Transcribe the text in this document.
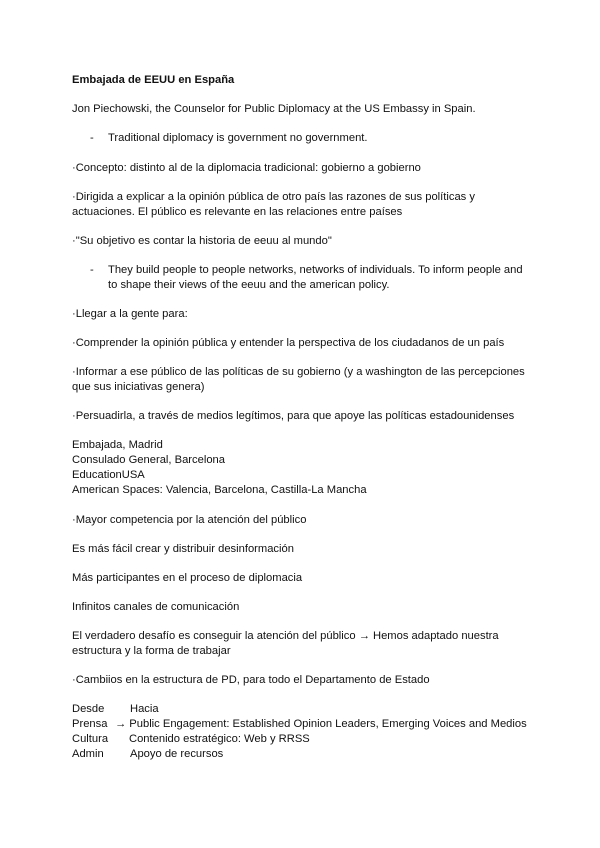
Embajada de EEUU en España

Jon Piechowski, the Counselor for Public Diplomacy at the US Embassy in Spain.

- Traditional diplomacy is government no government.

·Concepto: distinto al de la diplomacia tradicional: gobierno a gobierno

·Dirigida a explicar a la opinión pública de otro país las razones de sus políticas y

actuaciones. El público es relevante en las relaciones entre países

·"Su objetivo es contar la historia de eeuu al mundo"

- They build people to people networks, networks of individuals. To inform people and

to shape their views of the eeuu and the american policy.

·Llegar a la gente para:

·Comprender la opinión pública y entender la perspectiva de los ciudadanos de un país

·Informar a ese público de las políticas de su gobierno (y a washington de las percepciones

que sus iniciativas genera)

·Persuadirla, a través de medios legítimos, para que apoye las políticas estadounidenses

Embajada, Madrid

Consulado General, Barcelona

EducationUSA

American Spaces: Valencia, Barcelona, Castilla-La Mancha

·Mayor competencia por la atención del público

Es más fácil crear y distribuir desinformación

Más participantes en el proceso de diplomacia

Infinitos canales de comunicación

El verdadero desafío es conseguir la atención del público → Hemos adaptado nuestra

estructura y la forma de trabajar

·Cambiios en la estructura de PD, para todo el Departamento de Estado

Desde Hacia
Prensa → Public Engagement: Established Opinion Leaders, Emerging Voices and Medios
Cultura Contenido estratégico: Web y RRSS
Admin Apoyo de recursos
